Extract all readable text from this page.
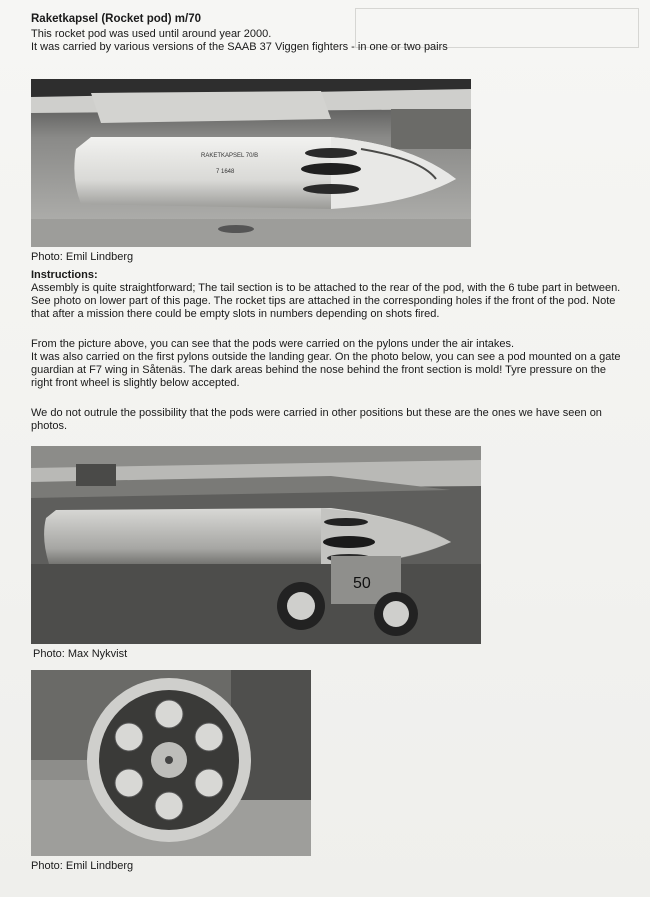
Raketkapsel (Rocket pod) m/70
This rocket pod was used until around year 2000.
It was carried by various versions of the SAAB 37 Viggen fighters - in one or two pairs
RAKETKAPSEL 70/B
7 1648
Photo: Emil Lindberg
Instructions:
Assembly is quite straightforward; The tail section is to be attached to the rear of the pod, with the 6 tube part in between.
See photo on lower part of this page. The rocket tips are attached in the corresponding holes if the front of the pod. Note
that after a mission there could be empty slots in numbers depending on shots fired.
From the picture above, you can see that the pods were carried on the pylons under the air intakes.
It was also carried on the first pylons outside the landing gear. On the photo below, you can see a pod mounted on a gate
guardian at F7 wing in Såtenäs. The dark areas behind the nose behind the front section is mold! Tyre pressure on the
right front wheel is slightly below accepted.
We do not outrule the possibility that the pods were carried in other positions but these are the ones we have seen on
photos.
50
Photo: Max Nykvist
Photo: Emil Lindberg
